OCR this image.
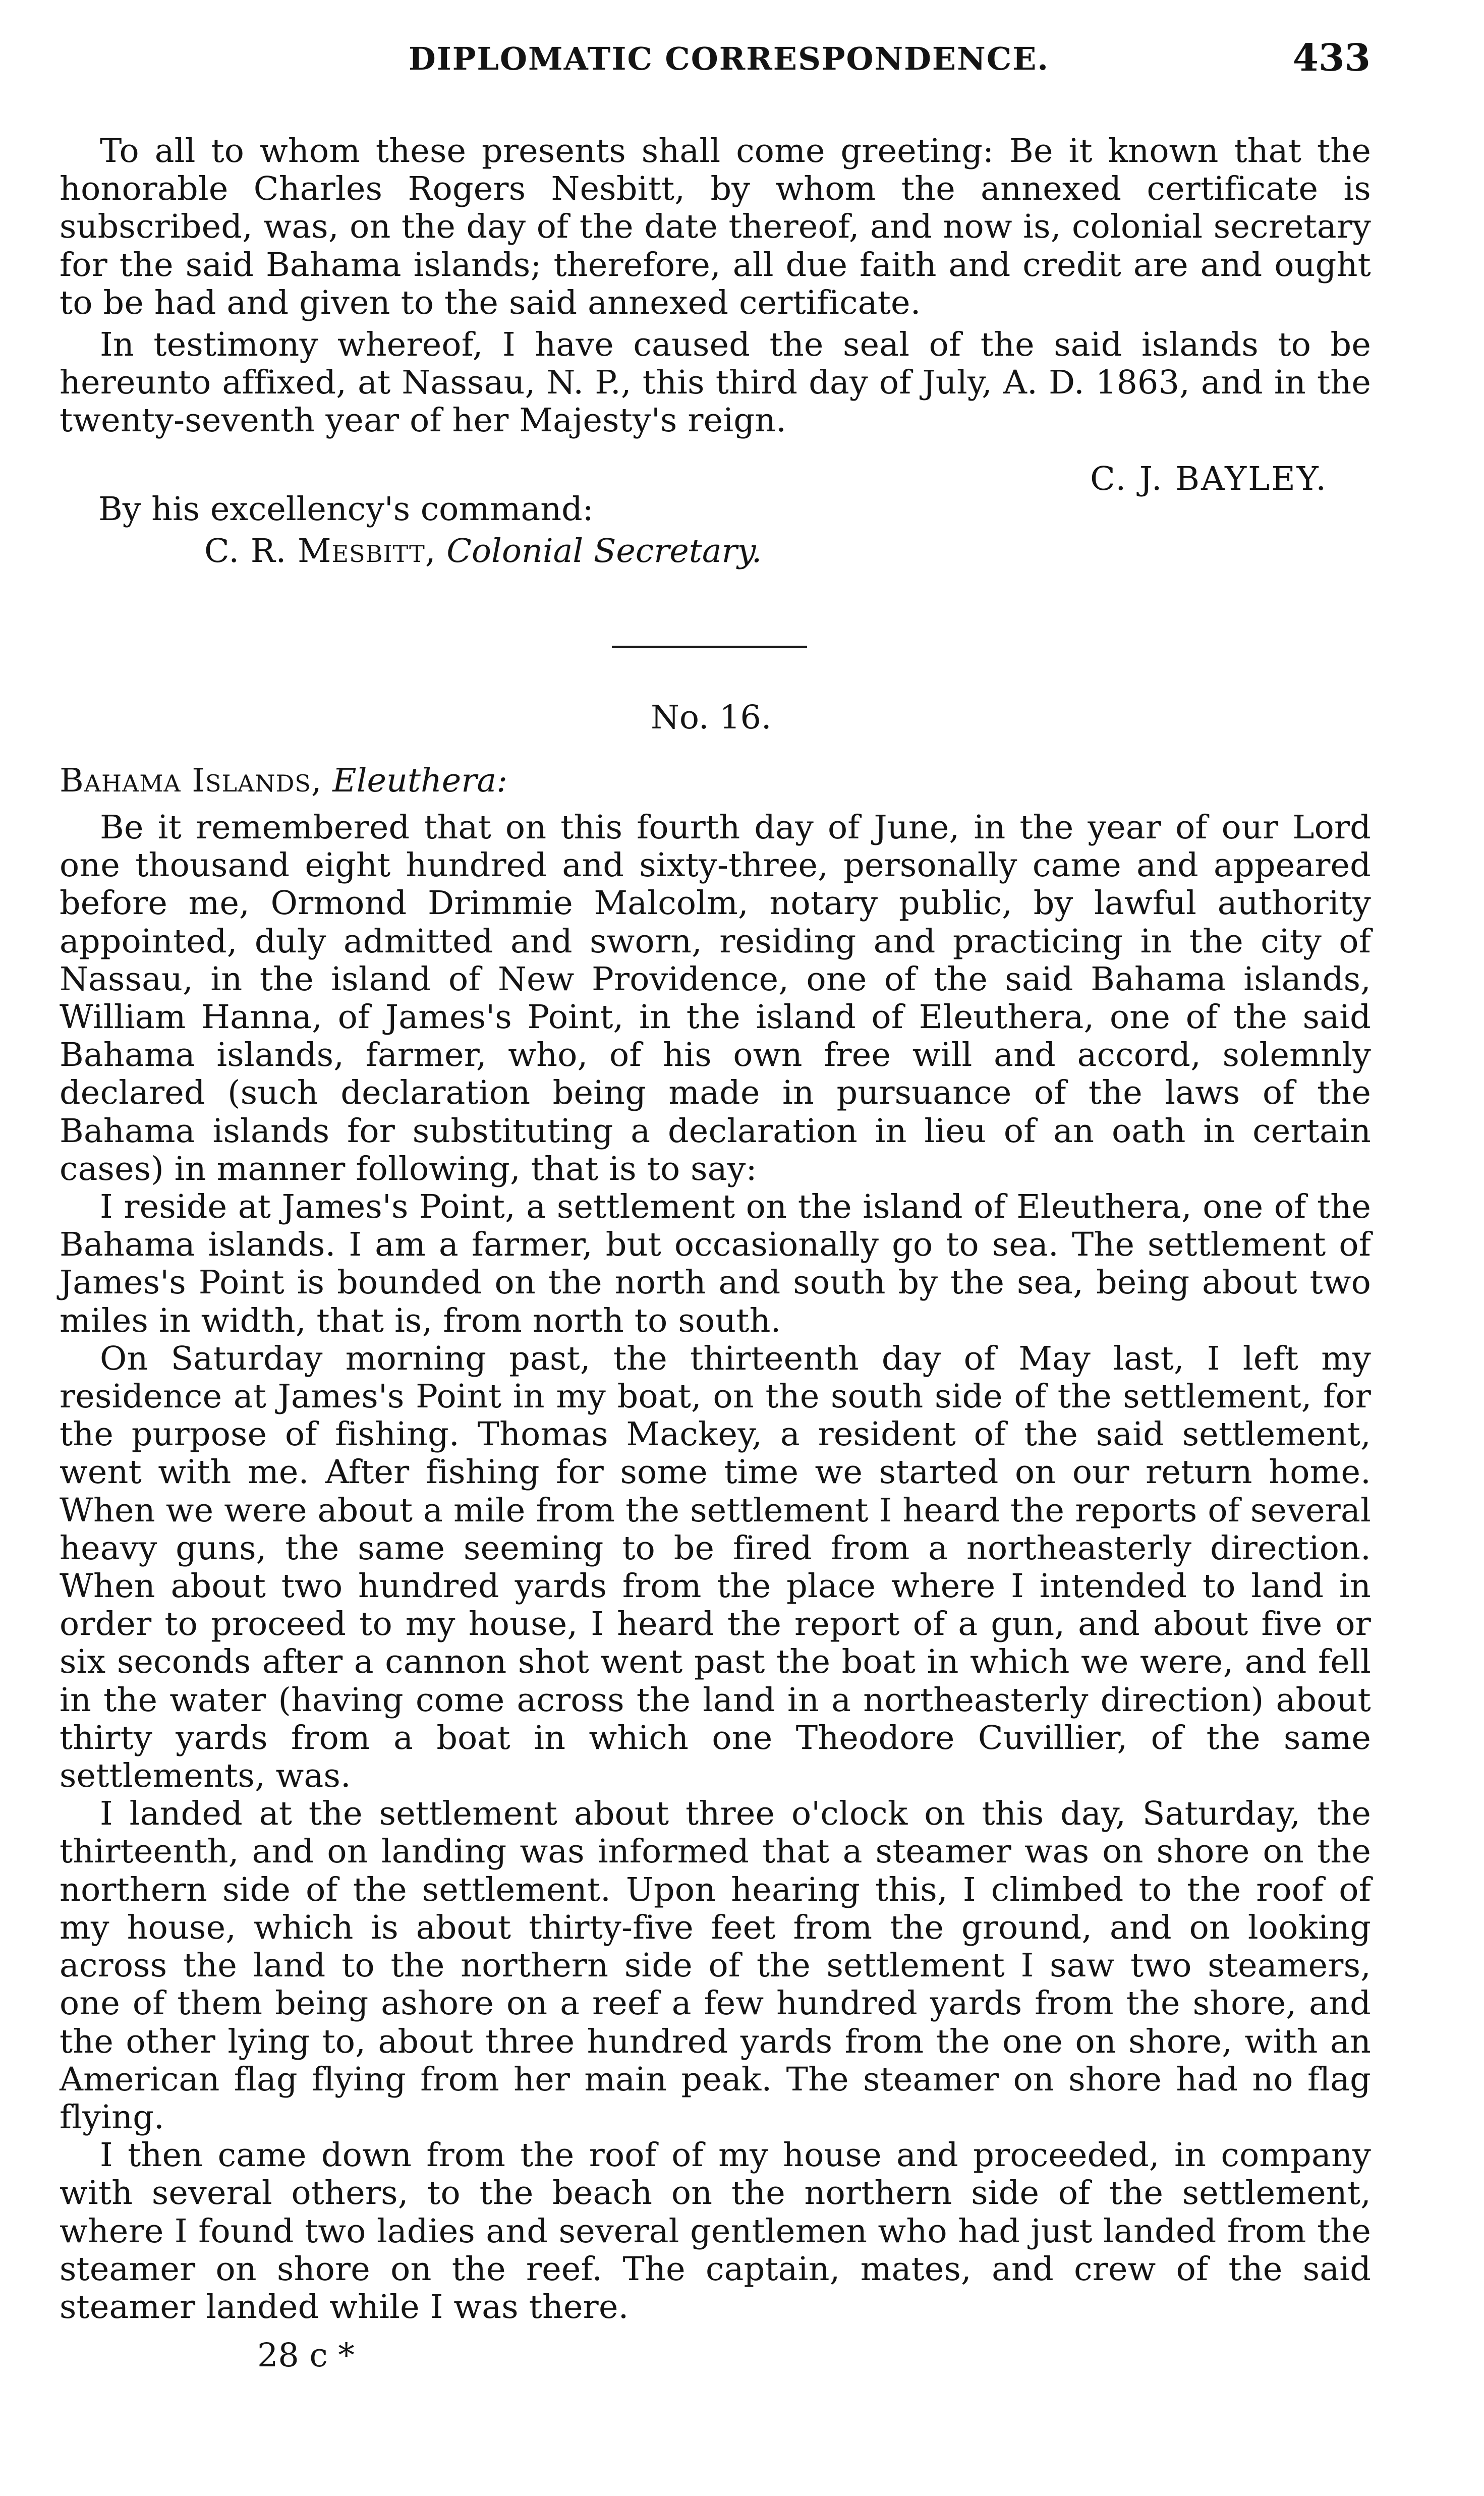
DIPLOMATIC CORRESPONDENCE.	433

To all to whom these presents shall come greeting: Be it known that the honorable Charles Rogers Nesbitt, by whom the annexed certificate is subscribed, was, on the day of the date thereof, and now is, colonial secretary for the said Bahama islands; therefore, all due faith and credit are and ought to be had and given to the said annexed certificate.

In testimony whereof, I have caused the seal of the said islands to be hereunto affixed, at Nassau, N. P., this third day of July, A. D. 1863, and in the twenty-seventh year of her Majesty's reign.

C. J. BAYLEY.
By his excellency's command:
C. R. Mesbitt, Colonial Secretary.
No. 16.
Bahama Islands, Eleuthera:

Be it remembered that on this fourth day of June, in the year of our Lord one thousand eight hundred and sixty-three, personally came and appeared before me, Ormond Drimmie Malcolm, notary public, by lawful authority appointed, duly admitted and sworn, residing and practicing in the city of Nassau, in the island of New Providence, one of the said Bahama islands, William Hanna, of James's Point, in the island of Eleuthera, one of the said Bahama islands, farmer, who, of his own free will and accord, solemnly declared (such declaration being made in pursuance of the laws of the Bahama islands for substituting a declaration in lieu of an oath in certain cases) in manner following, that is to say:

I reside at James's Point, a settlement on the island of Eleuthera, one of the Bahama islands. I am a farmer, but occasionally go to sea. The settlement of James's Point is bounded on the north and south by the sea, being about two miles in width, that is, from north to south.

On Saturday morning past, the thirteenth day of May last, I left my residence at James's Point in my boat, on the south side of the settlement, for the purpose of fishing. Thomas Mackey, a resident of the said settlement, went with me. After fishing for some time we started on our return home. When we were about a mile from the settlement I heard the reports of several heavy guns, the same seeming to be fired from a northeasterly direction. When about two hundred yards from the place where I intended to land in order to proceed to my house, I heard the report of a gun, and about five or six seconds after a cannon shot went past the boat in which we were, and fell in the water (having come across the land in a northeasterly direction) about thirty yards from a boat in which one Theodore Cuvillier, of the same settlements, was.

I landed at the settlement about three o'clock on this day, Saturday, the thirteenth, and on landing was informed that a steamer was on shore on the northern side of the settlement. Upon hearing this, I climbed to the roof of my house, which is about thirty-five feet from the ground, and on looking across the land to the northern side of the settlement I saw two steamers, one of them being ashore on a reef a few hundred yards from the shore, and the other lying to, about three hundred yards from the one on shore, with an American flag flying from her main peak. The steamer on shore had no flag flying.

I then came down from the roof of my house and proceeded, in company with several others, to the beach on the northern side of the settlement, where I found two ladies and several gentlemen who had just landed from the steamer on shore on the reef. The captain, mates, and crew of the said steamer landed while I was there.

28 c *
